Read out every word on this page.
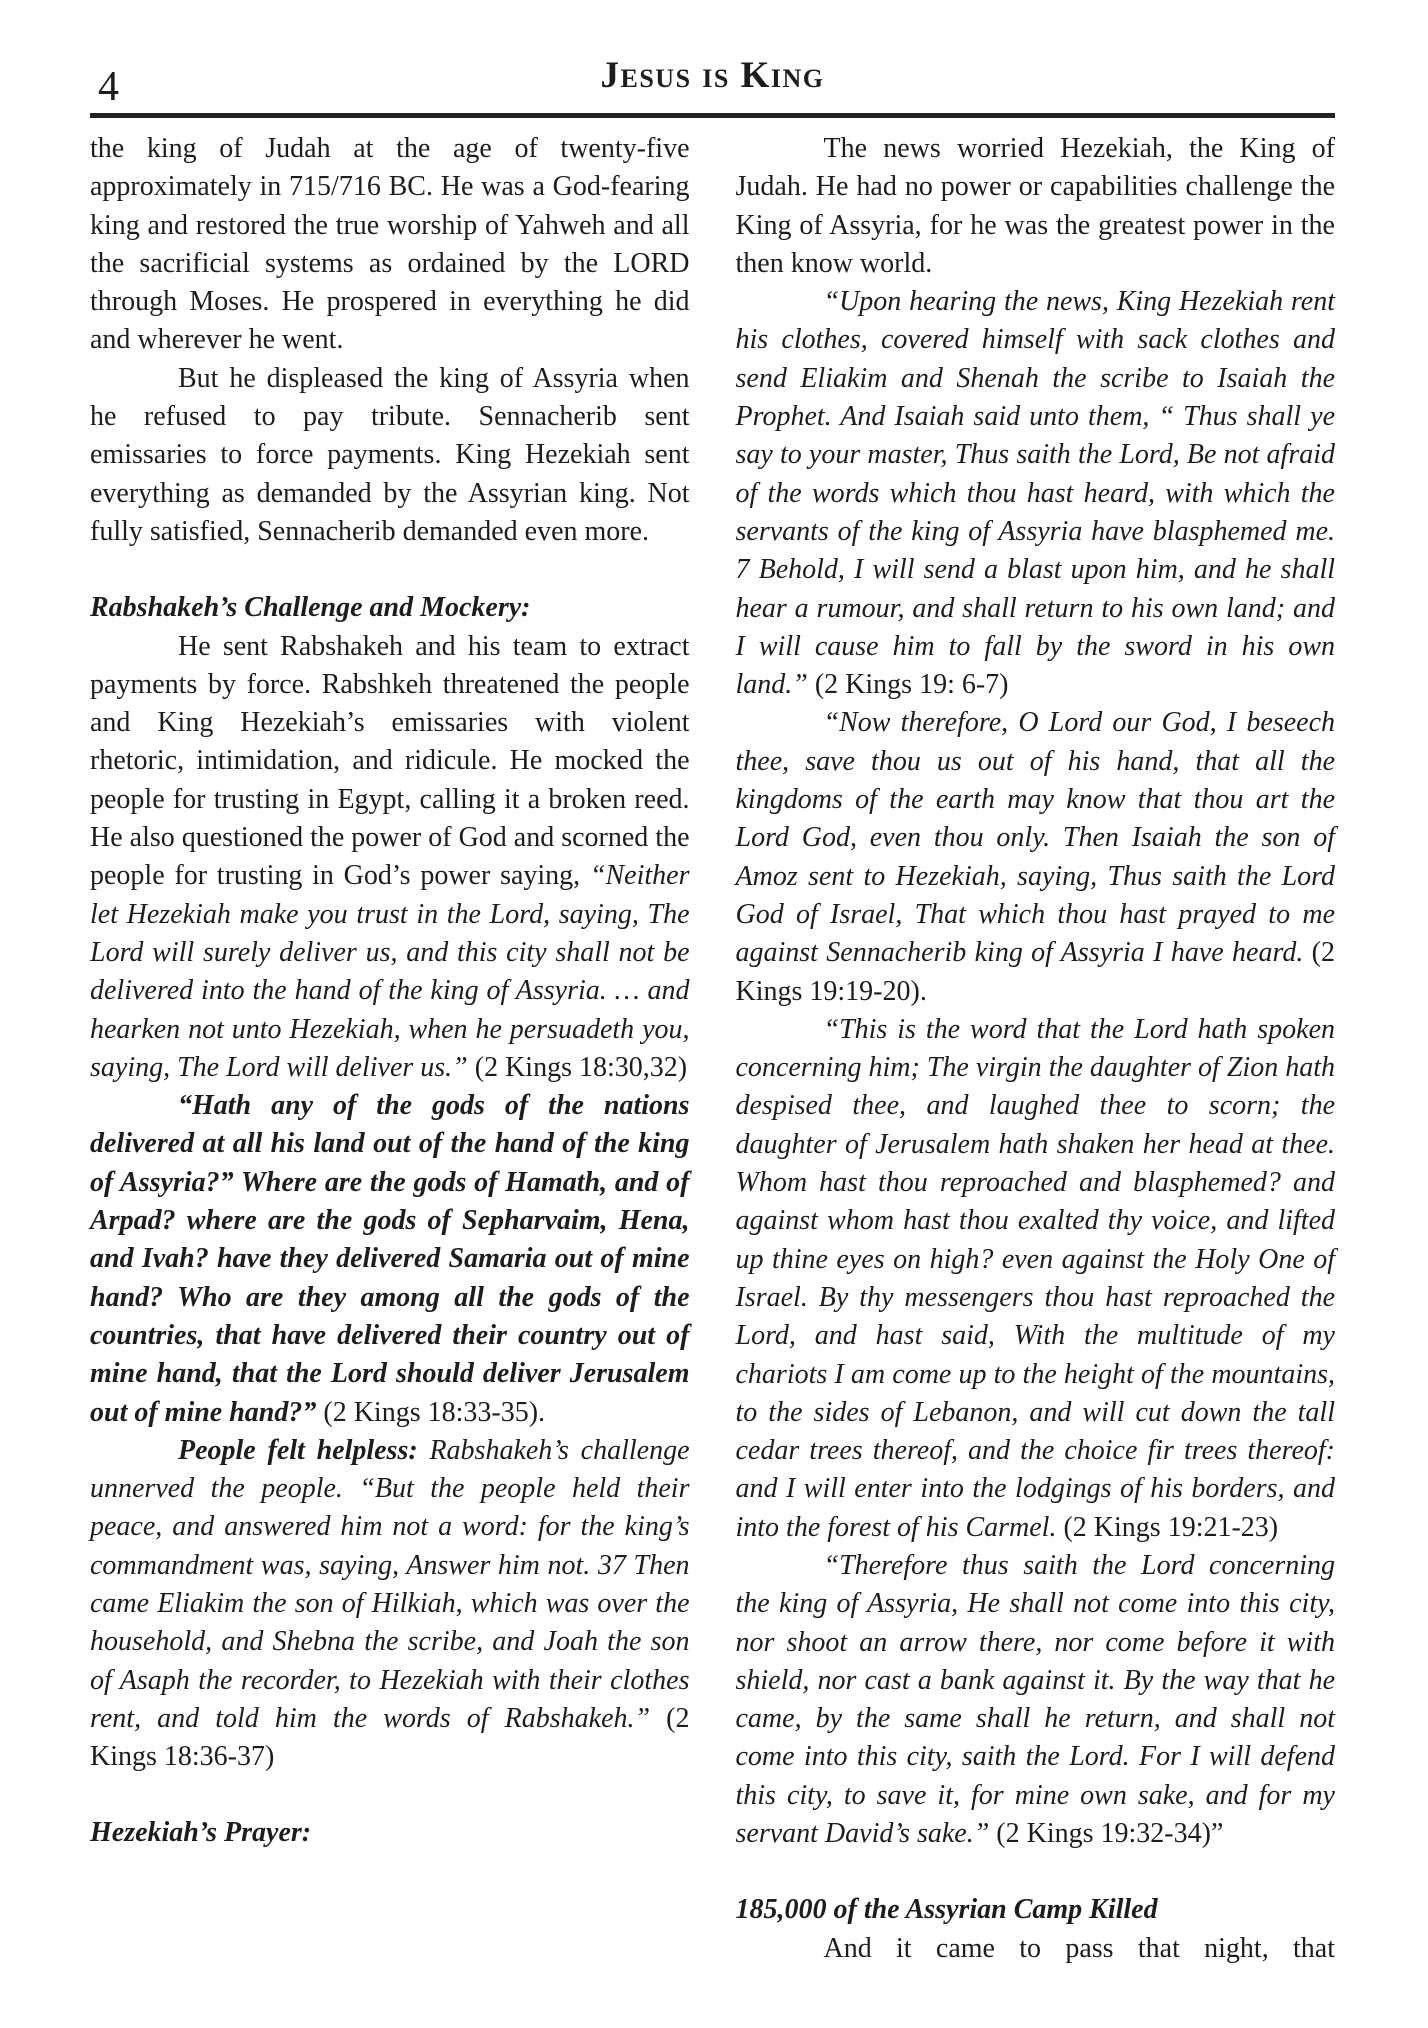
4	Jesus is King

the king of Judah at the age of twenty-five approximately in 715/716 BC. He was a God-fearing king and restored the true worship of Yahweh and all the sacrificial systems as ordained by the LORD through Moses. He prospered in everything he did and wherever he went.

But he displeased the king of Assyria when he refused to pay tribute. Sennacherib sent emissaries to force payments. King Hezekiah sent everything as demanded by the Assyrian king. Not fully satisfied, Sennacherib demanded even more.

Rabshakeh’s Challenge and Mockery:

He sent Rabshakeh and his team to extract payments by force. Rabshkeh threatened the people and King Hezekiah’s emissaries with violent rhetoric, intimidation, and ridicule. He mocked the people for trusting in Egypt, calling it a broken reed. He also questioned the power of God and scorned the people for trusting in God’s power saying, “Neither let Hezekiah make you trust in the Lord, saying, The Lord will surely deliver us, and this city shall not be delivered into the hand of the king of Assyria. … and hearken not unto Hezekiah, when he persuadeth you, saying, The Lord will deliver us.” (2 Kings 18:30,32)

“Hath any of the gods of the nations delivered at all his land out of the hand of the king of Assyria?” Where are the gods of Hamath, and of Arpad? where are the gods of Sepharvaim, Hena, and Ivah? have they delivered Samaria out of mine hand? Who are they among all the gods of the countries, that have delivered their country out of mine hand, that the Lord should deliver Jerusalem out of mine hand?” (2 Kings 18:33-35).

People felt helpless: Rabshakeh’s challenge unnerved the people. “But the people held their peace, and answered him not a word: for the king’s commandment was, saying, Answer him not. 37 Then came Eliakim the son of Hilkiah, which was over the household, and Shebna the scribe, and Joah the son of Asaph the recorder, to Hezekiah with their clothes rent, and told him the words of Rabshakeh.” (2 Kings 18:36-37)

Hezekiah’s Prayer:

The news worried Hezekiah, the King of Judah. He had no power or capabilities challenge the King of Assyria, for he was the greatest power in the then know world.

“Upon hearing the news, King Hezekiah rent his clothes, covered himself with sack clothes and send Eliakim and Shenah the scribe to Isaiah the Prophet. And Isaiah said unto them, “ Thus shall ye say to your master, Thus saith the Lord, Be not afraid of the words which thou hast heard, with which the servants of the king of Assyria have blasphemed me. 7 Behold, I will send a blast upon him, and he shall hear a rumour, and shall return to his own land; and I will cause him to fall by the sword in his own land.” (2 Kings 19: 6-7)

“Now therefore, O Lord our God, I beseech thee, save thou us out of his hand, that all the kingdoms of the earth may know that thou art the Lord God, even thou only. Then Isaiah the son of Amoz sent to Hezekiah, saying, Thus saith the Lord God of Israel, That which thou hast prayed to me against Sennacherib king of Assyria I have heard. (2 Kings 19:19-20).

“This is the word that the Lord hath spoken concerning him; The virgin the daughter of Zion hath despised thee, and laughed thee to scorn; the daughter of Jerusalem hath shaken her head at thee. Whom hast thou reproached and blasphemed? and against whom hast thou exalted thy voice, and lifted up thine eyes on high? even against the Holy One of Israel. By thy messengers thou hast reproached the Lord, and hast said, With the multitude of my chariots I am come up to the height of the mountains, to the sides of Lebanon, and will cut down the tall cedar trees thereof, and the choice fir trees thereof: and I will enter into the lodgings of his borders, and into the forest of his Carmel. (2 Kings 19:21-23)

“Therefore thus saith the Lord concerning the king of Assyria, He shall not come into this city, nor shoot an arrow there, nor come before it with shield, nor cast a bank against it. By the way that he came, by the same shall he return, and shall not come into this city, saith the Lord. For I will defend this city, to save it, for mine own sake, and for my servant David’s sake.” (2 Kings 19:32-34)”

185,000 of the Assyrian Camp Killed

And it came to pass that night, that
